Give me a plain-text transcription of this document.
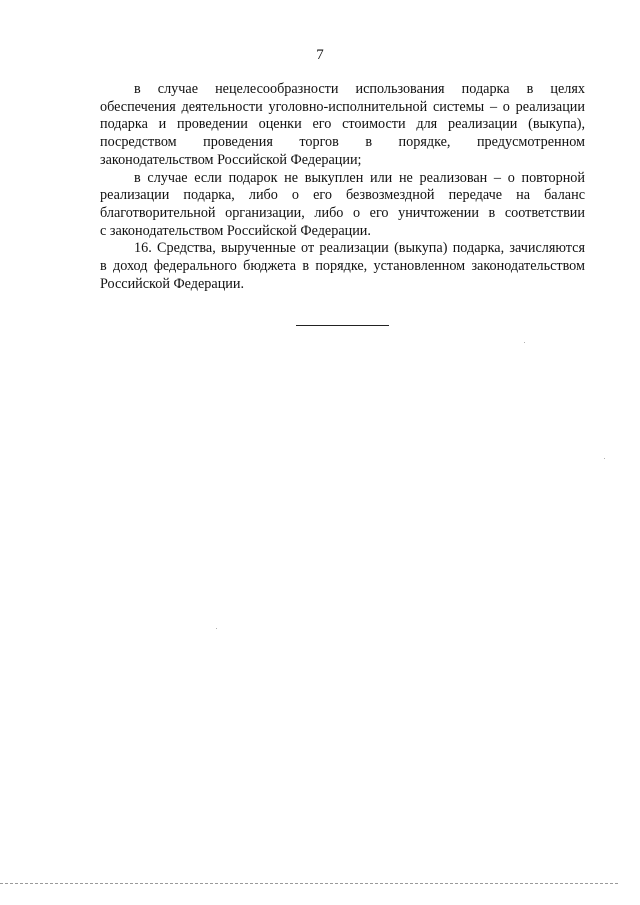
7
в случае нецелесообразности использования подарка в целях
обеспечения деятельности уголовно-исполнительной системы – о реализации
подарка и проведении оценки его стоимости для реализации (выкупа),
посредством проведения торгов в порядке, предусмотренном
законодательством Российской Федерации;
в случае если подарок не выкуплен или не реализован – о повторной
реализации подарка, либо о его безвозмездной передаче на баланс
благотворительной организации, либо о его уничтожении в соответствии
с законодательством Российской Федерации.
16. Средства, вырученные от реализации (выкупа) подарка, зачисляются
в доход федерального бюджета в порядке, установленном законодательством
Российской Федерации.
